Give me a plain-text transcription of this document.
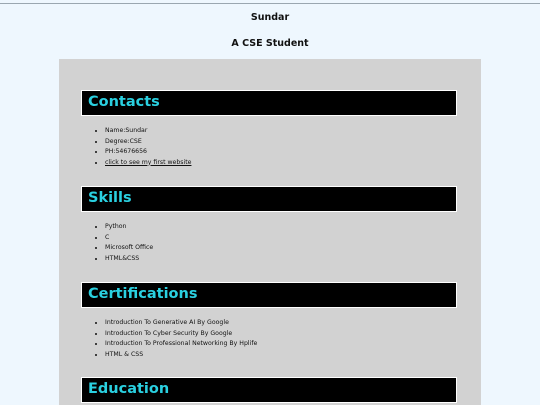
Sundar
A CSE Student
Contacts
• Name:Sundar
• Degree:CSE
• PH:54676656
• click to see my first website
Skills
• Python
• C
• Microsoft Office
• HTML&CSS
Certifications
• Introduction To Generative AI By Google
• Introduction To Cyber Security By Google
• Introduction To Professional Networking By Hplife
• HTML & CSS
Education
